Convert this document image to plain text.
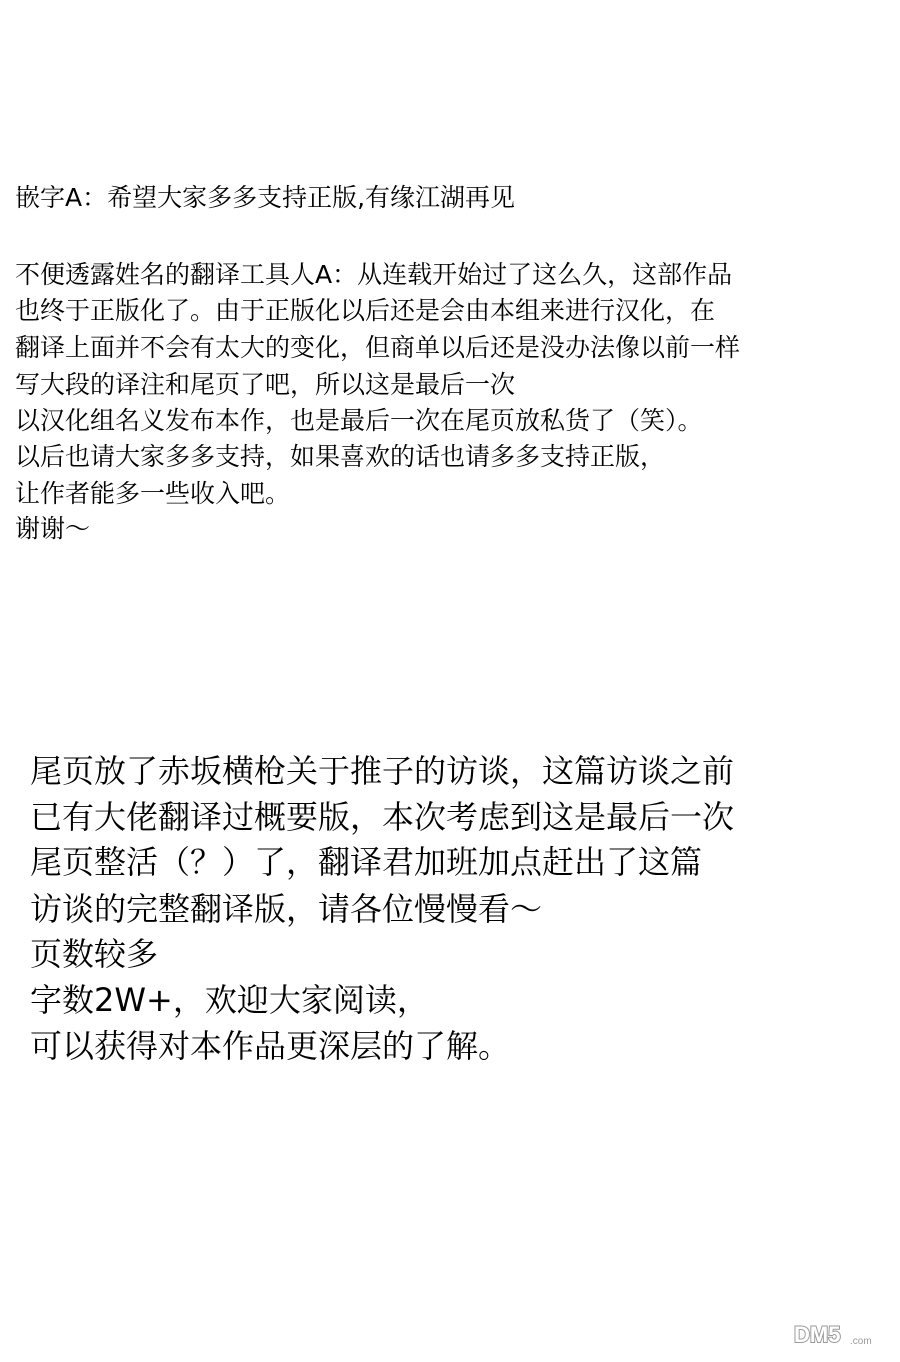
嵌字A：希望大家多多支持正版,有缘江湖再见
不便透露姓名的翻译工具人A：从连载开始过了这么久，这部作品
也终于正版化了。由于正版化以后还是会由本组来进行汉化，在
翻译上面并不会有太大的变化，但商单以后还是没办法像以前一样
写大段的译注和尾页了吧，所以这是最后一次
以汉化组名义发布本作，也是最后一次在尾页放私货了（笑）。
以后也请大家多多支持，如果喜欢的话也请多多支持正版，
让作者能多一些收入吧。
谢谢～
尾页放了赤坂横枪关于推子的访谈，这篇访谈之前
已有大佬翻译过概要版，本次考虑到这是最后一次
尾页整活（？）了，翻译君加班加点赶出了这篇
访谈的完整翻译版，请各位慢慢看～
页数较多
字数2W+，欢迎大家阅读，
可以获得对本作品更深层的了解。
DM5 .com
